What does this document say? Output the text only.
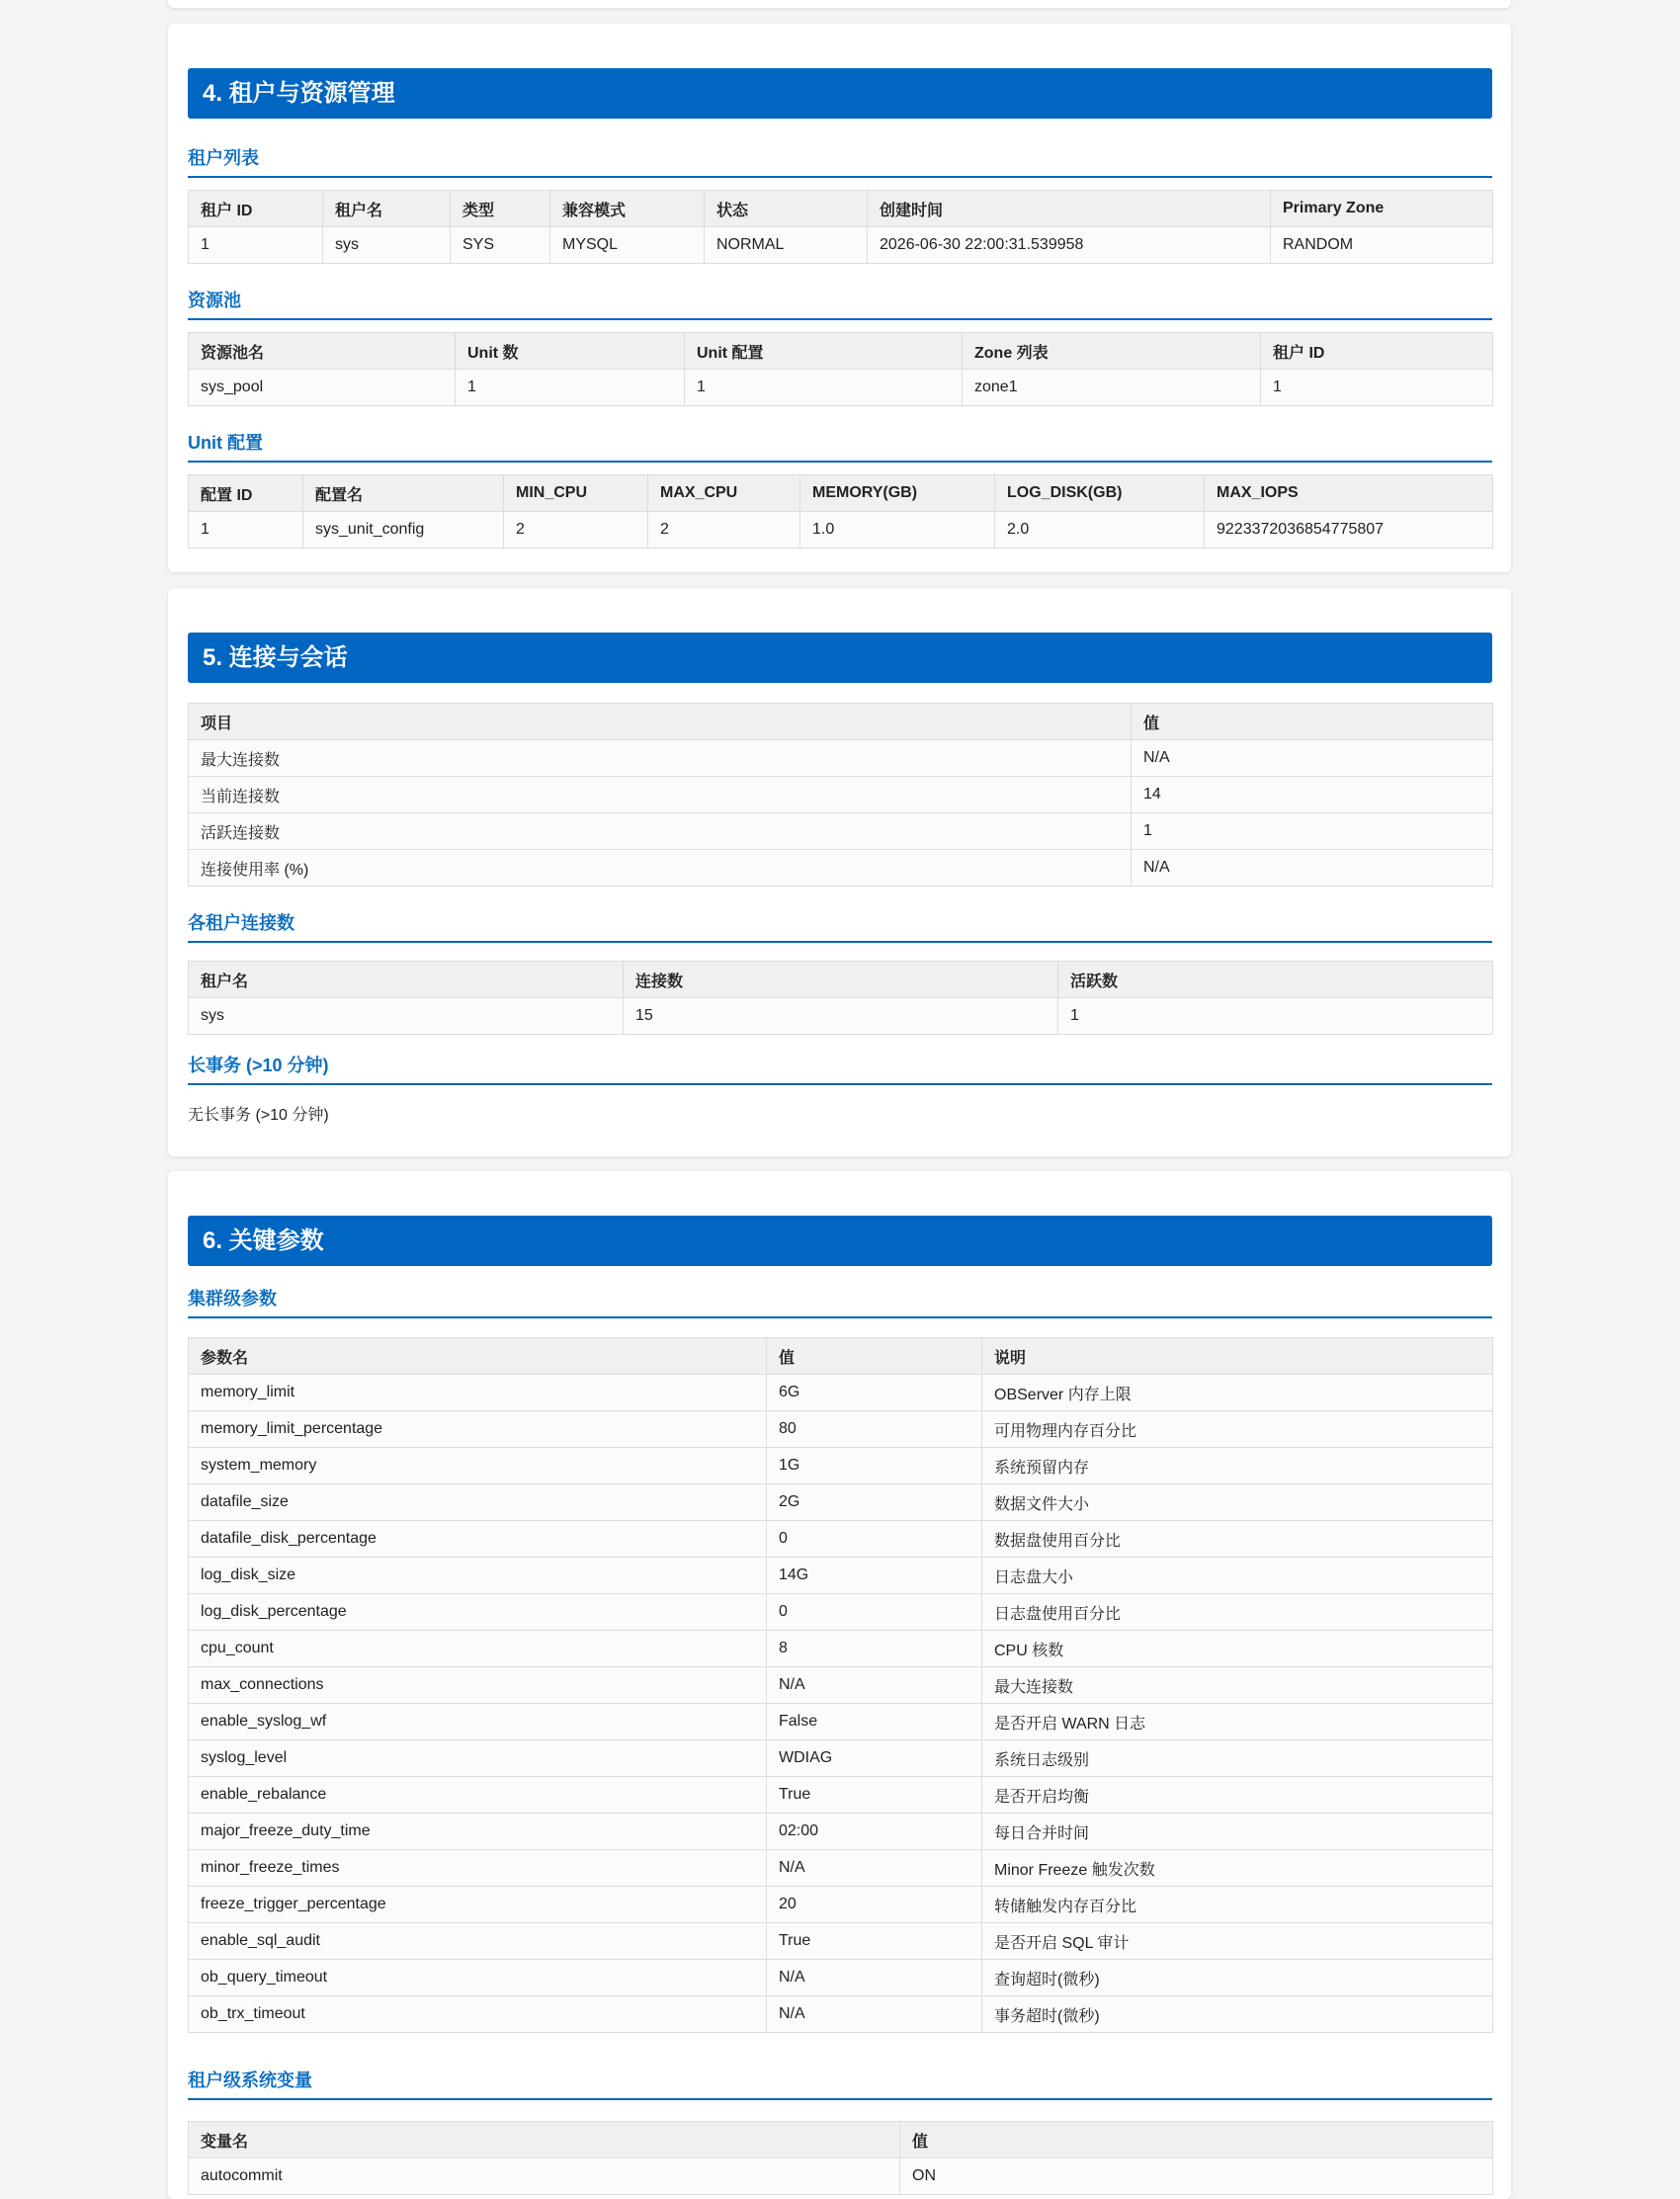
4. 租户与资源管理
租户列表
租户 ID	租户名	类型	兼容模式	状态	创建时间	Primary Zone
1	sys	SYS	MYSQL	NORMAL	2026-06-30 22:00:31.539958	RANDOM
资源池
资源池名	Unit 数	Unit 配置	Zone 列表	租户 ID
sys_pool	1	1	zone1	1
Unit 配置
配置 ID	配置名	MIN_CPU	MAX_CPU	MEMORY(GB)	LOG_DISK(GB)	MAX_IOPS
1	sys_unit_config	2	2	1.0	2.0	9223372036854775807
5. 连接与会话
项目	值
最大连接数	N/A
当前连接数	14
活跃连接数	1
连接使用率 (%)	N/A
各租户连接数
租户名	连接数	活跃数
sys	15	1
长事务 (>10 分钟)
无长事务 (>10 分钟)
6. 关键参数
集群级参数
参数名	值	说明
memory_limit	6G	OBServer 内存上限
memory_limit_percentage	80	可用物理内存百分比
system_memory	1G	系统预留内存
datafile_size	2G	数据文件大小
datafile_disk_percentage	0	数据盘使用百分比
log_disk_size	14G	日志盘大小
log_disk_percentage	0	日志盘使用百分比
cpu_count	8	CPU 核数
max_connections	N/A	最大连接数
enable_syslog_wf	False	是否开启 WARN 日志
syslog_level	WDIAG	系统日志级别
enable_rebalance	True	是否开启均衡
major_freeze_duty_time	02:00	每日合并时间
minor_freeze_times	N/A	Minor Freeze 触发次数
freeze_trigger_percentage	20	转储触发内存百分比
enable_sql_audit	True	是否开启 SQL 审计
ob_query_timeout	N/A	查询超时(微秒)
ob_trx_timeout	N/A	事务超时(微秒)
租户级系统变量
变量名	值
autocommit	ON
